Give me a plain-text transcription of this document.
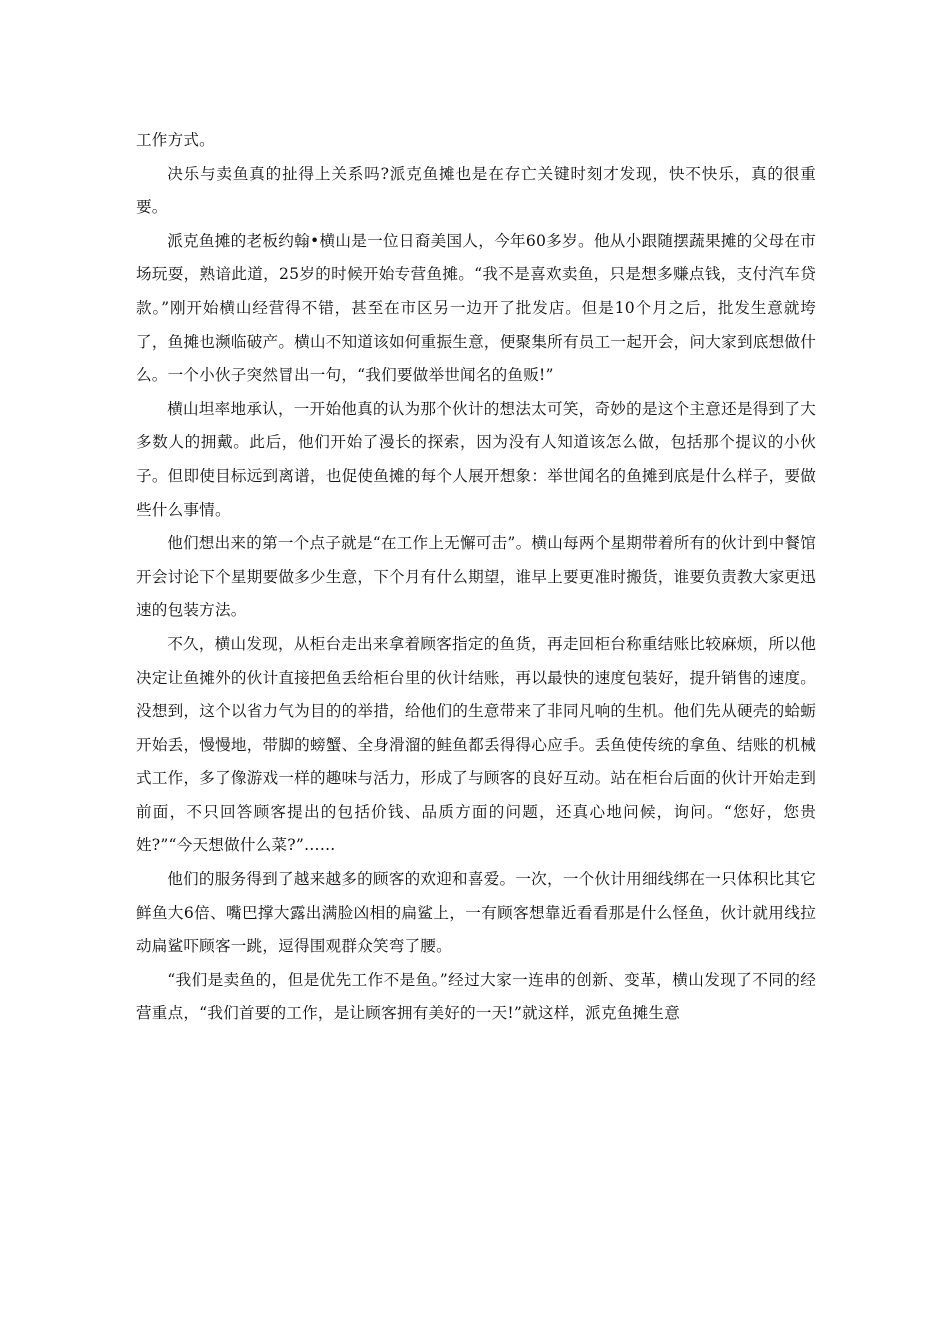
工作方式。

决乐与卖鱼真的扯得上关系吗?派克鱼摊也是在存亡关键时刻才发现，快不快乐，真的很重要。

派克鱼摊的老板约翰•横山是一位日裔美国人，今年60多岁。他从小跟随摆蔬果摊的父母在市场玩耍，熟谙此道，25岁的时候开始专营鱼摊。“我不是喜欢卖鱼，只是想多赚点钱，支付汽车贷款。”刚开始横山经营得不错，甚至在市区另一边开了批发店。但是10个月之后，批发生意就垮了，鱼摊也濒临破产。横山不知道该如何重振生意，便聚集所有员工一起开会，问大家到底想做什么。一个小伙子突然冒出一句，“我们要做举世闻名的鱼贩!”

横山坦率地承认，一开始他真的认为那个伙计的想法太可笑，奇妙的是这个主意还是得到了大多数人的拥戴。此后，他们开始了漫长的探索，因为没有人知道该怎么做，包括那个提议的小伙子。但即使目标远到离谱，也促使鱼摊的每个人展开想象：举世闻名的鱼摊到底是什么样子，要做些什么事情。

他们想出来的第一个点子就是“在工作上无懈可击”。横山每两个星期带着所有的伙计到中餐馆开会讨论下个星期要做多少生意，下个月有什么期望，谁早上要更准时搬货，谁要负责教大家更迅速的包装方法。

不久，横山发现，从柜台走出来拿着顾客指定的鱼货，再走回柜台称重结账比较麻烦，所以他决定让鱼摊外的伙计直接把鱼丢给柜台里的伙计结账，再以最快的速度包装好，提升销售的速度。没想到，这个以省力气为目的的举措，给他们的生意带来了非同凡响的生机。他们先从硬壳的蛤蛎开始丢，慢慢地，带脚的螃蟹、全身滑溜的鲑鱼都丢得得心应手。丢鱼使传统的拿鱼、结账的机械式工作，多了像游戏一样的趣味与活力，形成了与顾客的良好互动。站在柜台后面的伙计开始走到前面，不只回答顾客提出的包括价钱、品质方面的问题，还真心地问候，询问。“您好，您贵姓?”“今天想做什么菜?”……

他们的服务得到了越来越多的顾客的欢迎和喜爱。一次，一个伙计用细线绑在一只体积比其它鲜鱼大6倍、嘴巴撑大露出满脸凶相的扁鲨上，一有顾客想靠近看看那是什么怪鱼，伙计就用线拉动扁鲨吓顾客一跳，逗得围观群众笑弯了腰。

“我们是卖鱼的，但是优先工作不是鱼。”经过大家一连串的创新、变革，横山发现了不同的经营重点，“我们首要的工作，是让顾客拥有美好的一天!”就这样，派克鱼摊生意
